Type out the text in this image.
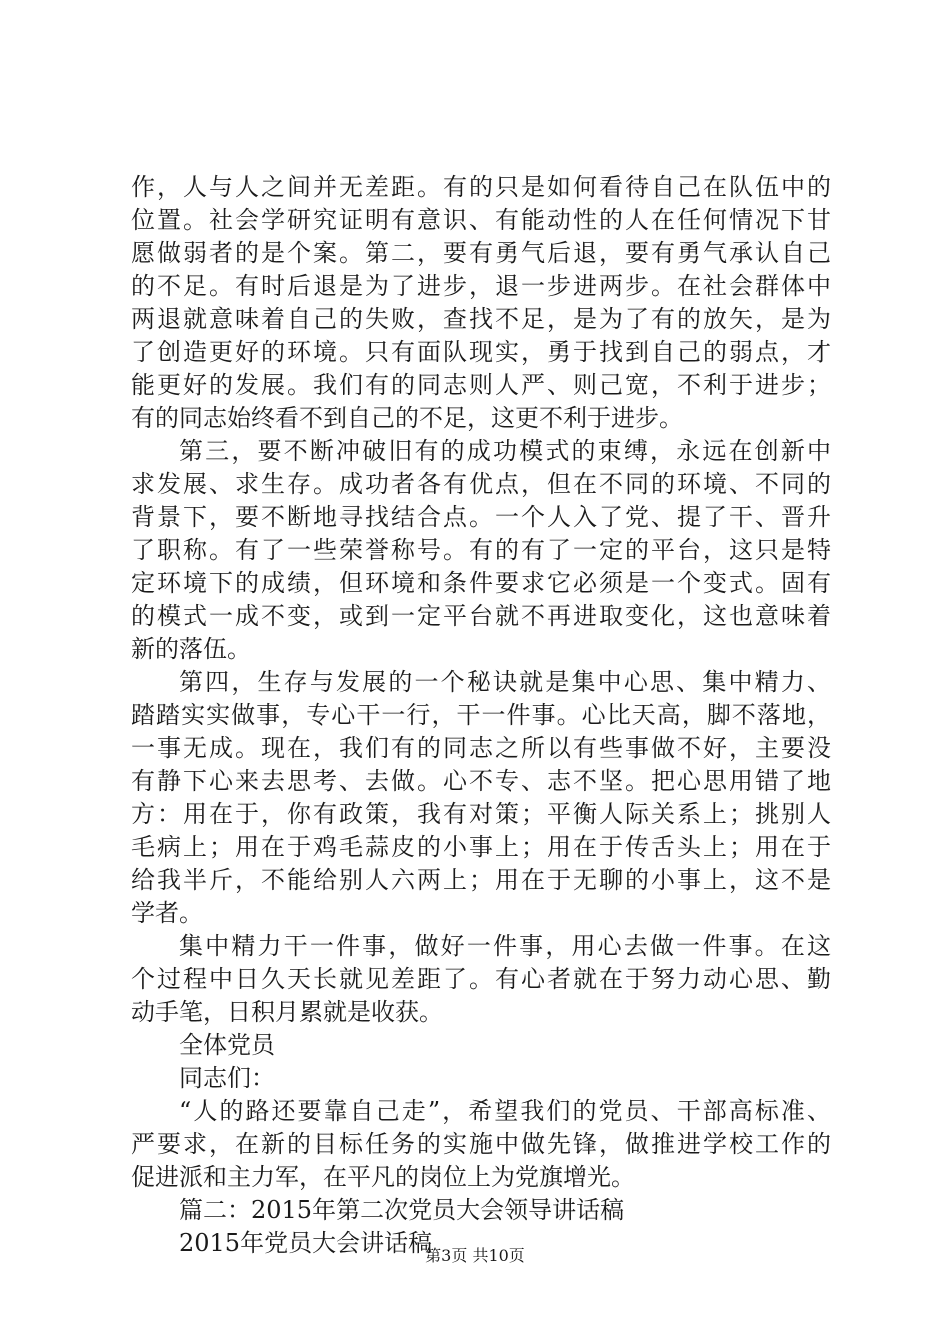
作，人与人之间并无差距。有的只是如何看待自己在队伍中的
位置。社会学研究证明有意识、有能动性的人在任何情况下甘
愿做弱者的是个案。第二，要有勇气后退，要有勇气承认自己
的不足。有时后退是为了进步，退一步进两步。在社会群体中
两退就意味着自己的失败，查找不足，是为了有的放矢，是为
了创造更好的环境。只有面队现实，勇于找到自己的弱点，才
能更好的发展。我们有的同志则人严、则己宽，不利于进步；
有的同志始终看不到自己的不足，这更不利于进步。
第三，要不断冲破旧有的成功模式的束缚，永远在创新中
求发展、求生存。成功者各有优点，但在不同的环境、不同的
背景下，要不断地寻找结合点。一个人入了党、提了干、晋升
了职称。有了一些荣誉称号。有的有了一定的平台，这只是特
定环境下的成绩，但环境和条件要求它必须是一个变式。固有
的模式一成不变，或到一定平台就不再进取变化，这也意味着
新的落伍。
第四，生存与发展的一个秘诀就是集中心思、集中精力、
踏踏实实做事，专心干一行，干一件事。心比天高，脚不落地，
一事无成。现在，我们有的同志之所以有些事做不好，主要没
有静下心来去思考、去做。心不专、志不坚。把心思用错了地
方：用在于，你有政策，我有对策；平衡人际关系上；挑别人
毛病上；用在于鸡毛蒜皮的小事上；用在于传舌头上；用在于
给我半斤，不能给别人六两上；用在于无聊的小事上，这不是
学者。
集中精力干一件事，做好一件事，用心去做一件事。在这
个过程中日久天长就见差距了。有心者就在于努力动心思、勤
动手笔，日积月累就是收获。
全体党员
同志们：
“人的路还要靠自己走”，希望我们的党员、干部高标准、
严要求，在新的目标任务的实施中做先锋，做推进学校工作的
促进派和主力军，在平凡的岗位上为党旗增光。
篇二：2015年第二次党员大会领导讲话稿
2015年党员大会讲话稿
第3页 共10页
